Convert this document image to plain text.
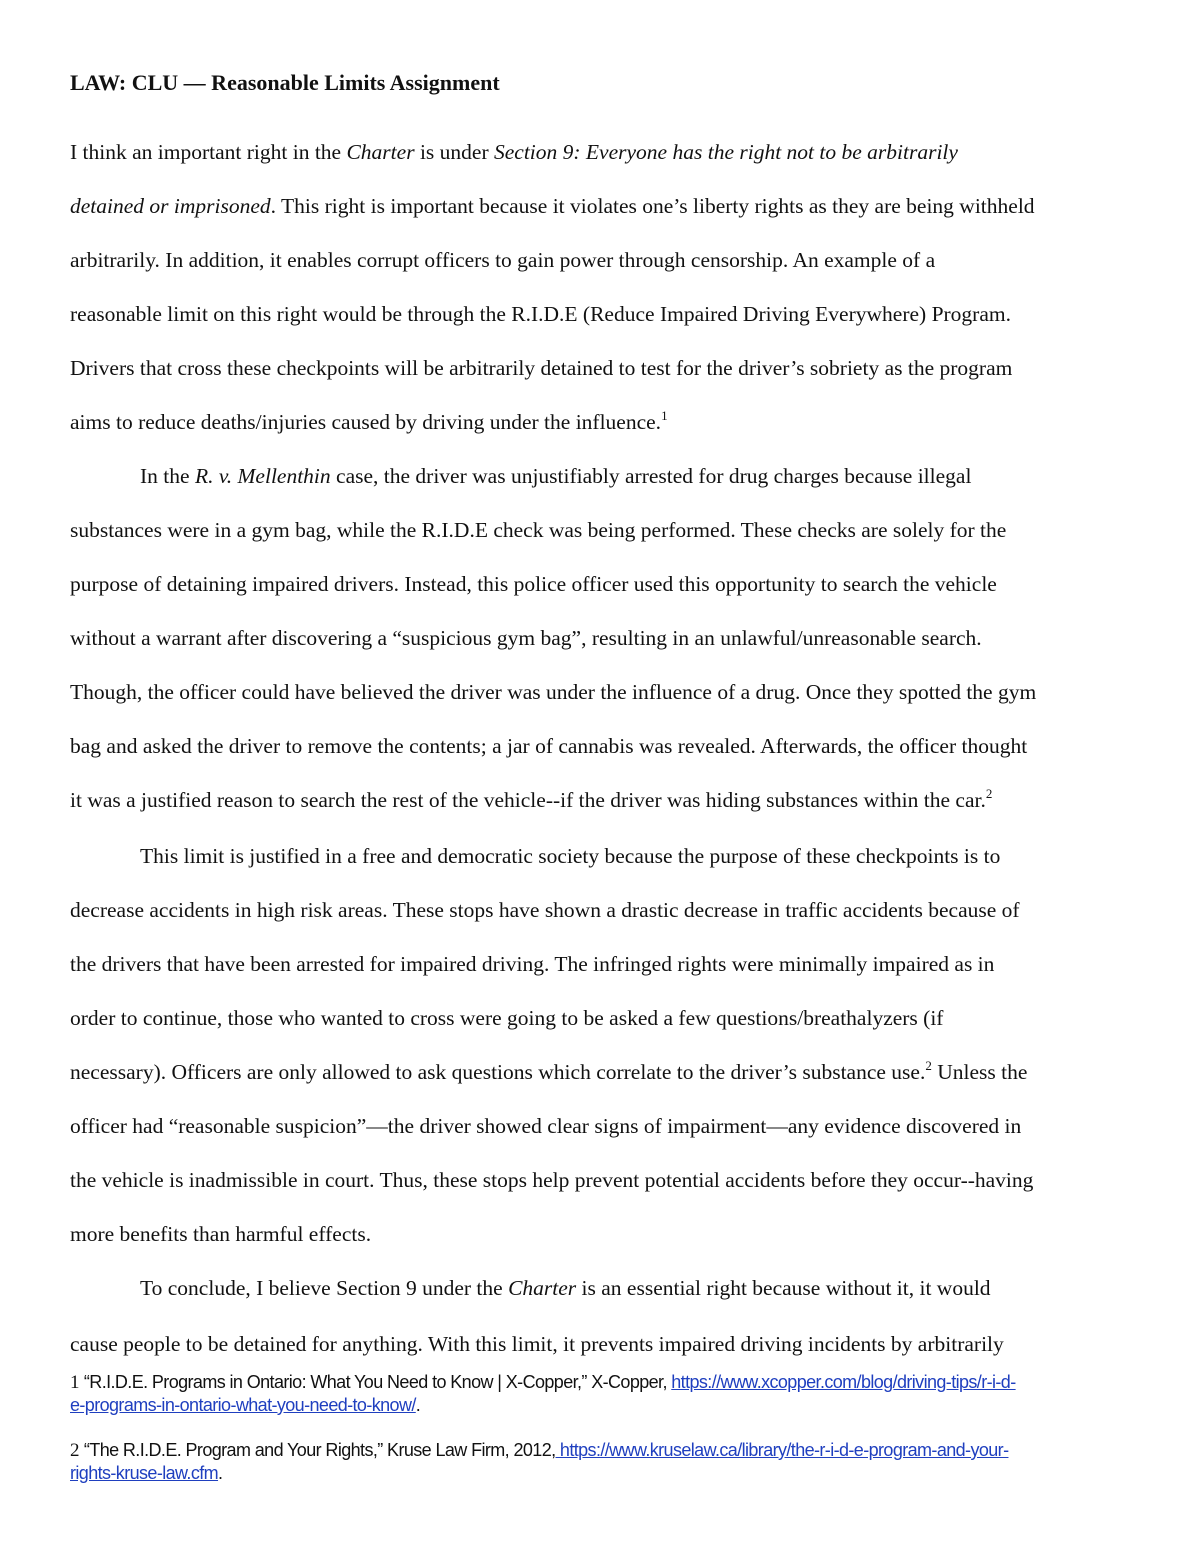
LAW: CLU — Reasonable Limits Assignment
I think an important right in the Charter is under Section 9: Everyone has the right not to be arbitrarily
detained or imprisoned. This right is important because it violates one’s liberty rights as they are being withheld
arbitrarily. In addition, it enables corrupt officers to gain power through censorship. An example of a
reasonable limit on this right would be through the R.I.D.E (Reduce Impaired Driving Everywhere) Program.
Drivers that cross these checkpoints will be arbitrarily detained to test for the driver’s sobriety as the program
aims to reduce deaths/injuries caused by driving under the influence.$^1$
In the R. v. Mellenthin case, the driver was unjustifiably arrested for drug charges because illegal
substances were in a gym bag, while the R.I.D.E check was being performed. These checks are solely for the
purpose of detaining impaired drivers. Instead, this police officer used this opportunity to search the vehicle
without a warrant after discovering a “suspicious gym bag”, resulting in an unlawful/unreasonable search.
Though, the officer could have believed the driver was under the influence of a drug. Once they spotted the gym
bag and asked the driver to remove the contents; a jar of cannabis was revealed. Afterwards, the officer thought
it was a justified reason to search the rest of the vehicle--if the driver was hiding substances within the car.$^2$
This limit is justified in a free and democratic society because the purpose of these checkpoints is to
decrease accidents in high risk areas. These stops have shown a drastic decrease in traffic accidents because of
the drivers that have been arrested for impaired driving. The infringed rights were minimally impaired as in
order to continue, those who wanted to cross were going to be asked a few questions/breathalyzers (if
necessary). Officers are only allowed to ask questions which correlate to the driver’s substance use.$^2$ Unless the
officer had “reasonable suspicion”—the driver showed clear signs of impairment—any evidence discovered in
the vehicle is inadmissible in court. Thus, these stops help prevent potential accidents before they occur--having
more benefits than harmful effects.
To conclude, I believe Section 9 under the Charter is an essential right because without it, it would
cause people to be detained for anything. With this limit, it prevents impaired driving incidents by arbitrarily
1 “R.I.D.E. Programs in Ontario: What You Need to Know | X-Copper,” X-Copper, https://www.xcopper.com/blog/driving-tips/r-i-d-
e-programs-in-ontario-what-you-need-to-know/.
2 “The R.I.D.E. Program and Your Rights,” Kruse Law Firm, 2012, https://www.kruselaw.ca/library/the-r-i-d-e-program-and-your-
rights-kruse-law.cfm.
